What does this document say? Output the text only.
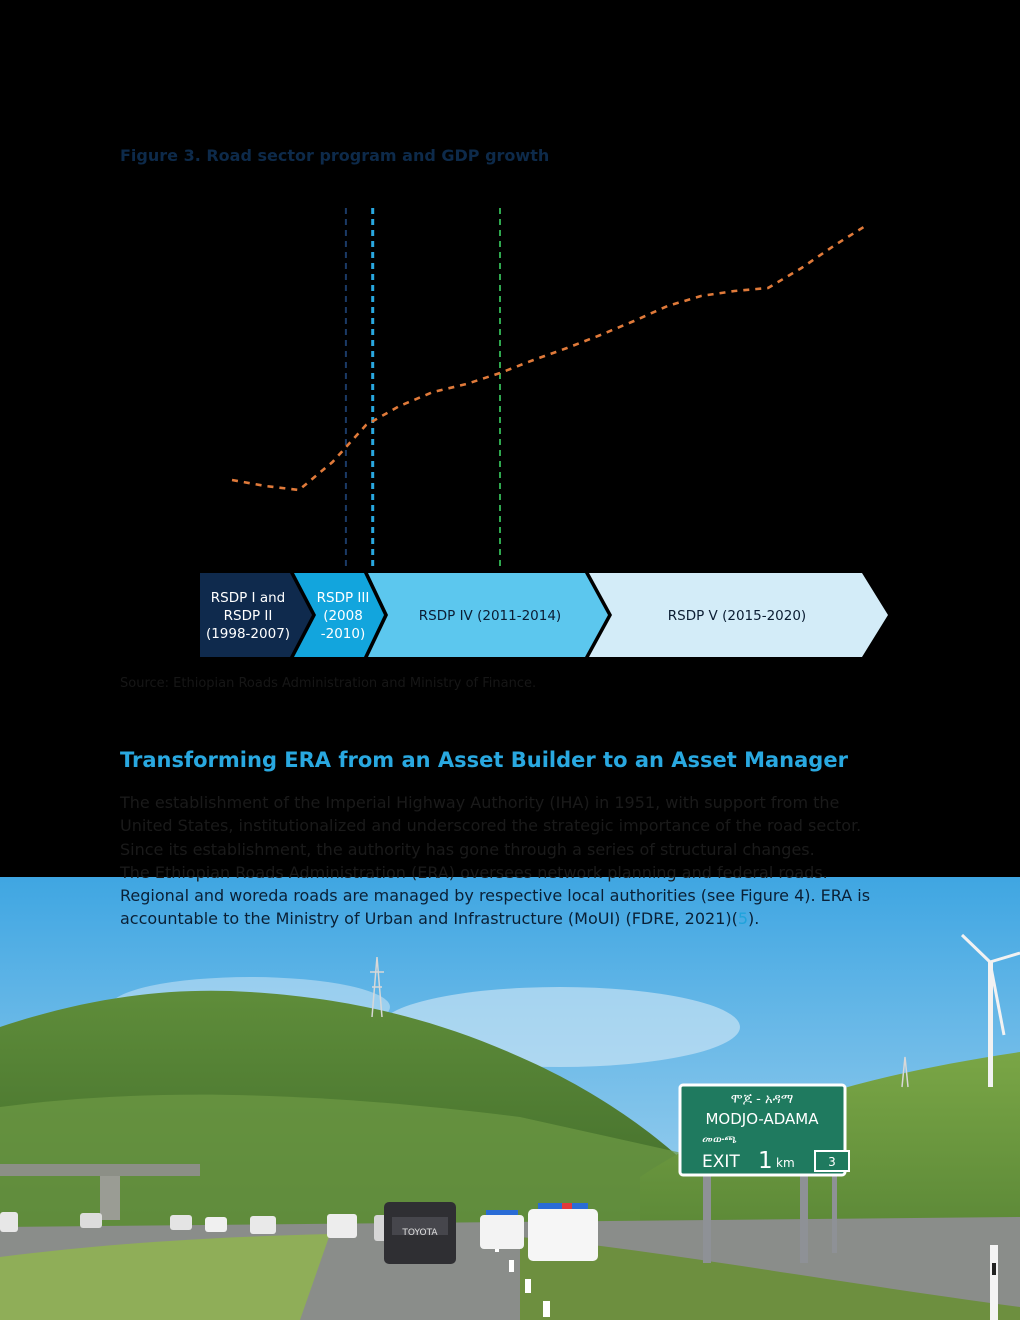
Figure 3. Road sector program and GDP growth
RSDP I and
RSDP II
(1998-2007)
RSDP III
(2008
-2010)
RSDP IV (2011-2014)	RSDP V (2015-2020)

Source: Ethiopian Roads Administration and Ministry of Finance.

Transforming ERA from an Asset Builder to an Asset Manager
TOYOTA
ሞጆ - አዳማ
MODJO-ADAMA
መውጫ
EXIT 1 km	3

The establishment of the Imperial Highway Authority (IHA) in 1951, with support from the
United States, institutionalized and underscored the strategic importance of the road sector.
Since its establishment, the authority has gone through a series of structural changes.
The Ethiopian Roads Administration (ERA) oversees network planning and federal roads.
Regional and woreda roads are managed by respective local authorities (see Figure 4). ERA is
accountable to the Ministry of Urban and Infrastructure (MoUI) (FDRE, 2021)(5).
